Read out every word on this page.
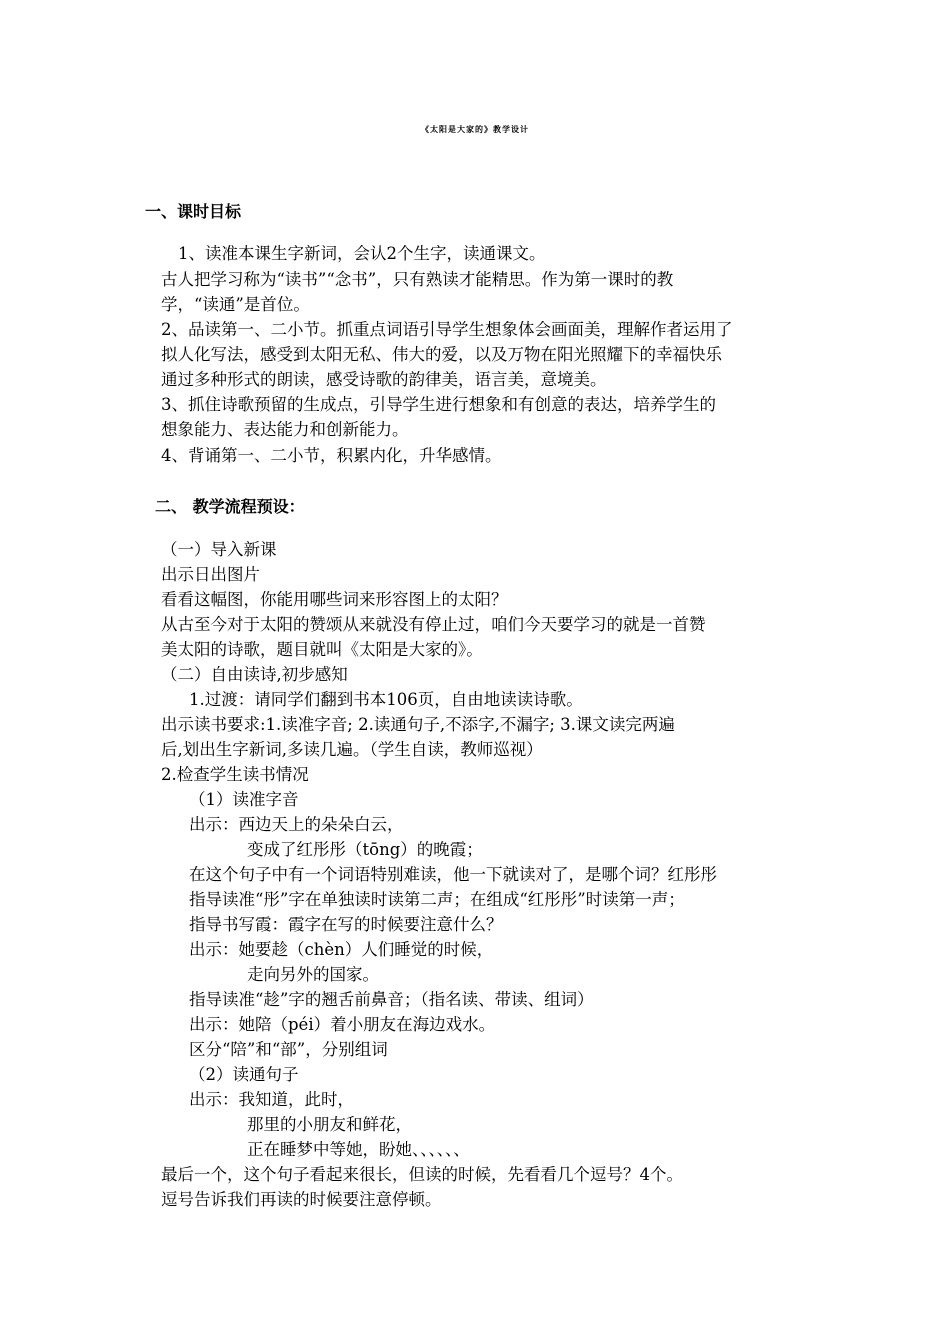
《太阳是大家的》教学设计
一、课时目标
1、读准本课生字新词，会认2个生字，读通课文。
古人把学习称为“读书”“念书”，只有熟读才能精思。作为第一课时的教
学，“读通”是首位。
2、品读第一、二小节。抓重点词语引导学生想象体会画面美，理解作者运用了
拟人化写法，感受到太阳无私、伟大的爱，以及万物在阳光照耀下的幸福快乐
通过多种形式的朗读，感受诗歌的韵律美，语言美，意境美。
3、抓住诗歌预留的生成点，引导学生进行想象和有创意的表达，培养学生的
想象能力、表达能力和创新能力。
4、背诵第一、二小节，积累内化，升华感情。
二、 教学流程预设：
（一）导入新课
出示日出图片
看看这幅图，你能用哪些词来形容图上的太阳？
从古至今对于太阳的赞颂从来就没有停止过，咱们今天要学习的就是一首赞
美太阳的诗歌，题目就叫《太阳是大家的》。
（二）自由读诗,初步感知
1.过渡：请同学们翻到书本106页，自由地读读诗歌。
出示读书要求:1.读准字音; 2.读通句子,不添字,不漏字; 3.课文读完两遍
后,划出生字新词,多读几遍。（学生自读，教师巡视）
2.检查学生读书情况
（1）读准字音
出示：西边天上的朵朵白云，
变成了红彤彤（tōng）的晚霞；
在这个句子中有一个词语特别难读，他一下就读对了，是哪个词？红彤彤
指导读准“彤”字在单独读时读第二声；在组成“红彤彤”时读第一声；
指导书写霞：霞字在写的时候要注意什么？
出示：她要趁（chèn）人们睡觉的时候，
走向另外的国家。
指导读准“趁”字的翘舌前鼻音；（指名读、带读、组词）
出示：她陪（péi）着小朋友在海边戏水。
区分“陪”和“部”，分别组词
（2）读通句子
出示：我知道，此时，
那里的小朋友和鲜花，
正在睡梦中等她，盼她、、、、、、
最后一个，这个句子看起来很长，但读的时候，先看看几个逗号？4个。
逗号告诉我们再读的时候要注意停顿。
